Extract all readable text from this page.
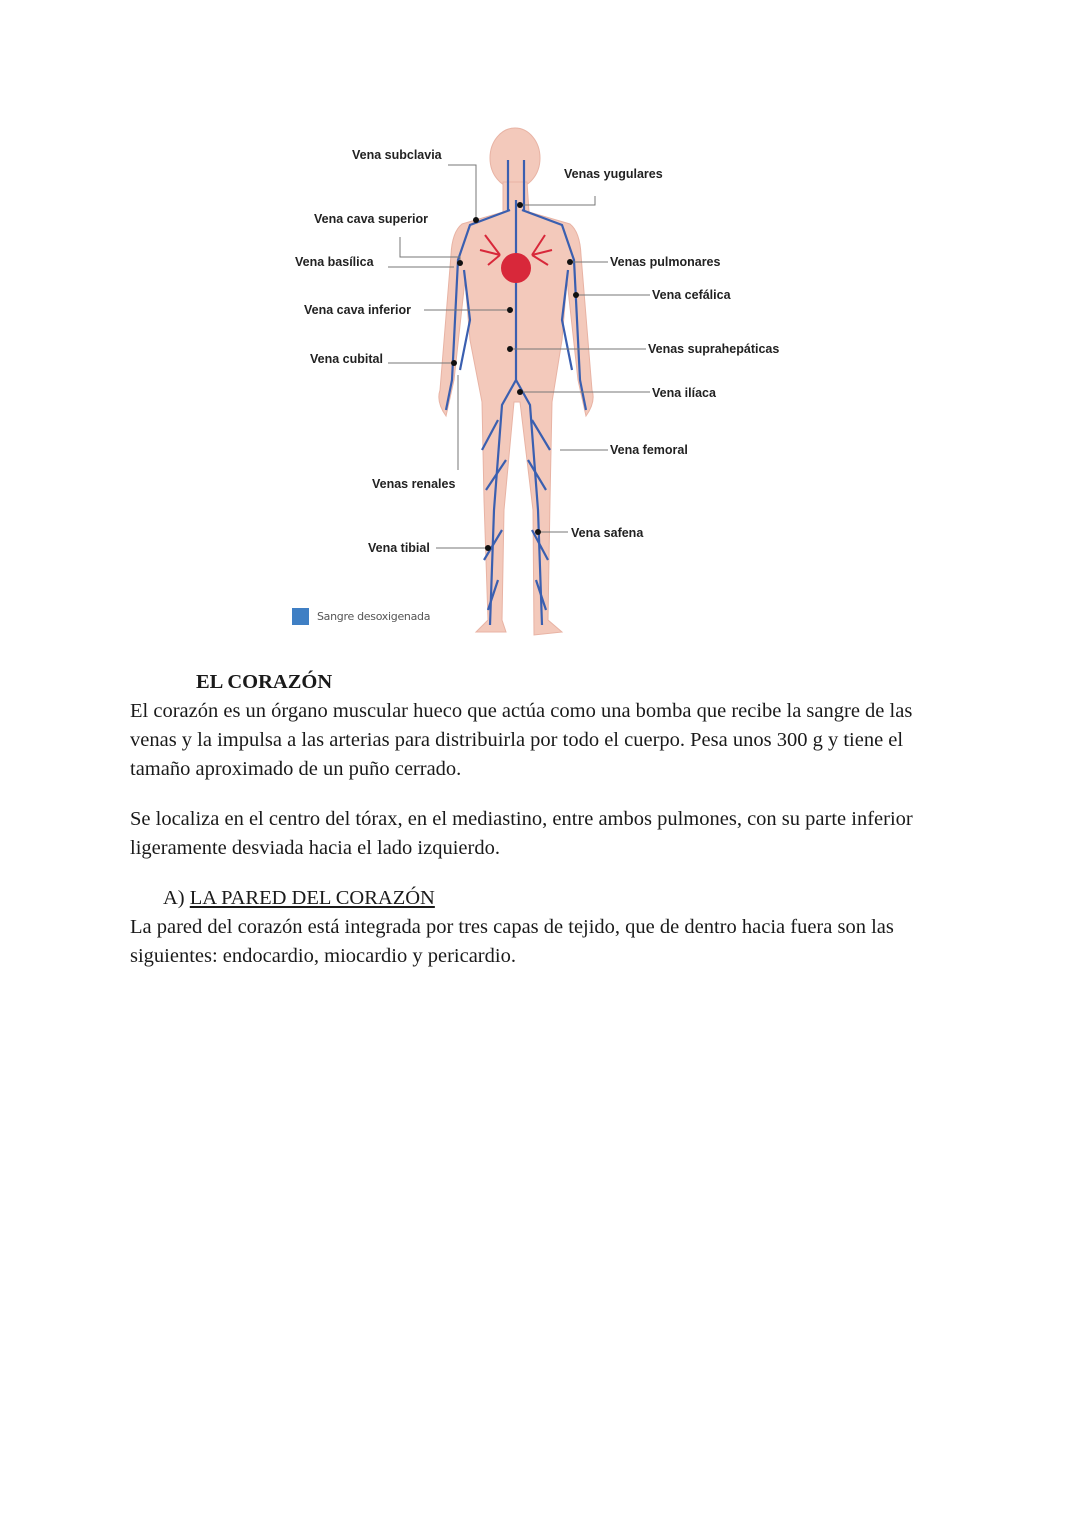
Vena subclavia
Venas yugulares
Vena cava superior
Vena basílica	Venas pulmonares
Vena cefálica
Vena cava inferior
Venas suprahepáticas
Vena cubital
Vena ilíaca
Vena femoral
Venas renales
Vena safena
Vena tibial
Sangre desoxigenada
EL CORAZÓN

El corazón es un órgano muscular hueco que actúa como una bomba que recibe la sangre de las venas y la impulsa a las arterias para distribuirla por todo el cuerpo. Pesa unos 300 g y tiene el tamaño aproximado de un puño cerrado.

Se localiza en el centro del tórax, en el mediastino, entre ambos pulmones, con su parte inferior ligeramente desviada hacia el lado izquierdo.

A) LA PARED DEL CORAZÓN

La pared del corazón está integrada por tres capas de tejido, que de dentro hacia fuera son las siguientes: endocardio, miocardio y pericardio.
